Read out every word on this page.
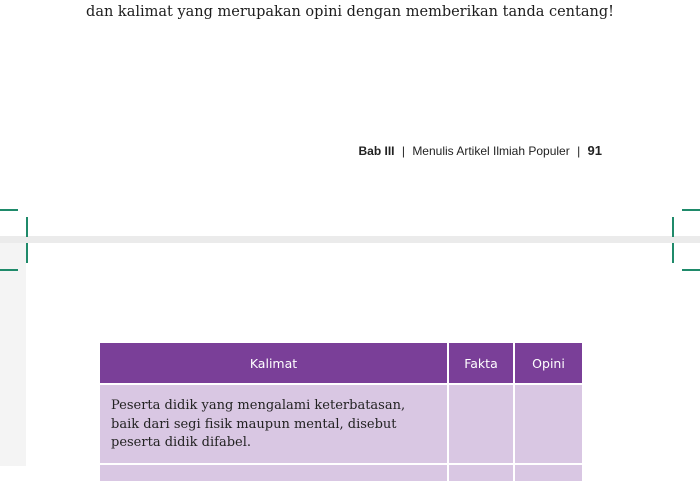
dan kalimat yang merupakan opini dengan memberikan tanda centang!
Bab III | Menulis Artikel Ilmiah Populer | 91
Kalimat	Fakta	Opini
Peserta didik yang mengalami keterbatasan, baik dari segi fisik maupun mental, disebut peserta didik difabel.		
